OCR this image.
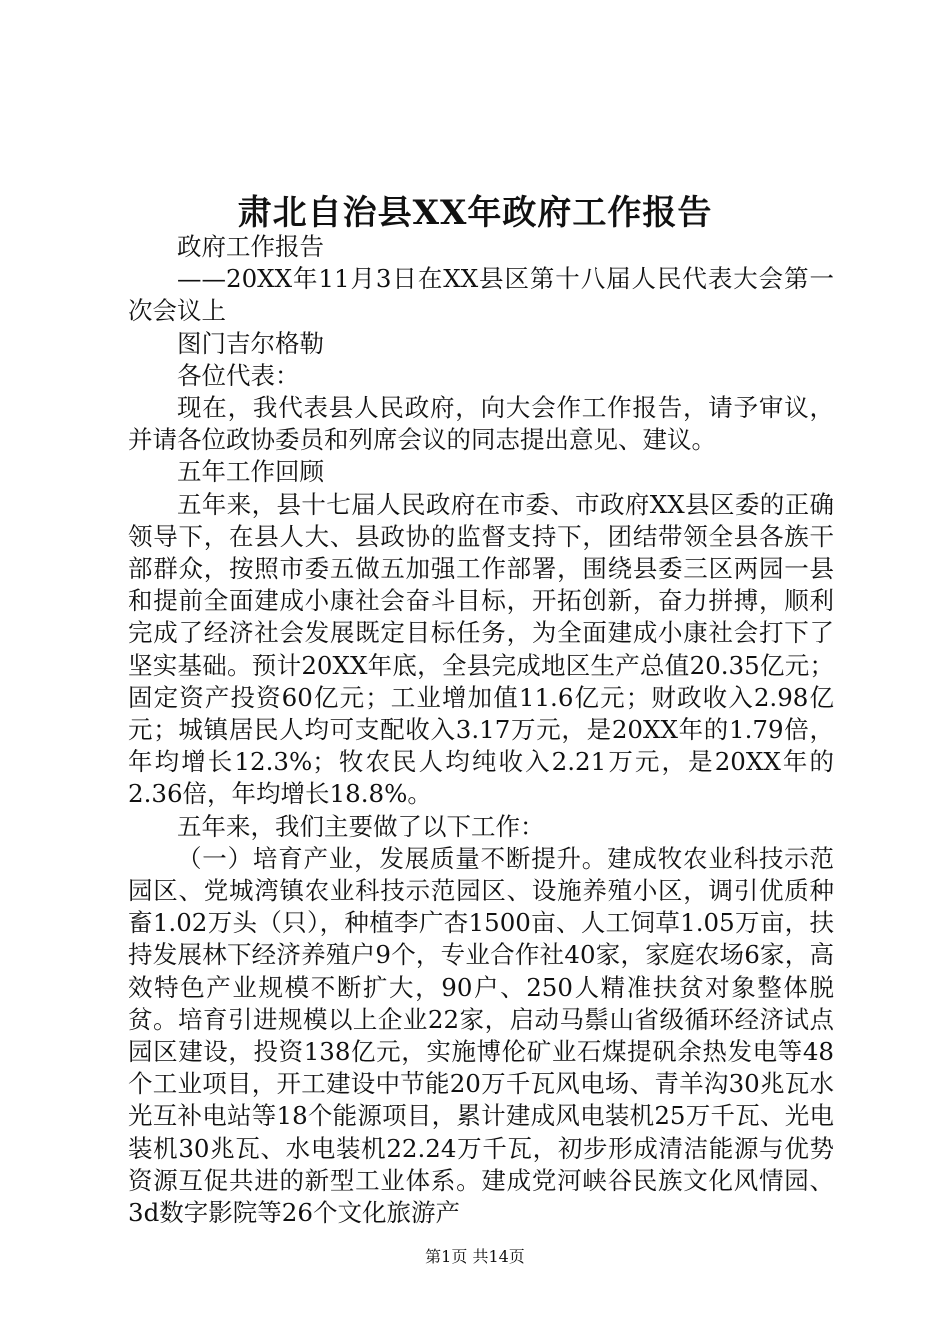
肃北自治县XX年政府工作报告

政府工作报告

——20XX年11月3日在XX县区第十八届人民代表大会第一次会议上

图门吉尔格勒

各位代表：

现在，我代表县人民政府，向大会作工作报告，请予审议，并请各位政协委员和列席会议的同志提出意见、建议。

五年工作回顾

五年来，县十七届人民政府在市委、市政府XX县区委的正确领导下，在县人大、县政协的监督支持下，团结带领全县各族干部群众，按照市委五做五加强工作部署，围绕县委三区两园一县和提前全面建成小康社会奋斗目标，开拓创新，奋力拼搏，顺利完成了经济社会发展既定目标任务，为全面建成小康社会打下了坚实基础。预计20XX年底，全县完成地区生产总值20.35亿元；固定资产投资60亿元；工业增加值11.6亿元；财政收入2.98亿元；城镇居民人均可支配收入3.17万元，是20XX年的1.79倍，年均增长12.3%；牧农民人均纯收入2.21万元，是20XX年的2.36倍，年均增长18.8%。

五年来，我们主要做了以下工作：

（一）培育产业，发展质量不断提升。建成牧农业科技示范园区、党城湾镇农业科技示范园区、设施养殖小区，调引优质种畜1.02万头（只），种植李广杏1500亩、人工饲草1.05万亩，扶持发展林下经济养殖户9个，专业合作社40家，家庭农场6家，高效特色产业规模不断扩大，90户、250人精准扶贫对象整体脱贫。培育引进规模以上企业22家，启动马鬃山省级循环经济试点园区建设，投资138亿元，实施博伦矿业石煤提矾余热发电等48个工业项目，开工建设中节能20万千瓦风电场、青羊沟30兆瓦水光互补电站等18个能源项目，累计建成风电装机25万千瓦、光电装机30兆瓦、水电装机22.24万千瓦，初步形成清洁能源与优势资源互促共进的新型工业体系。建成党河峡谷民族文化风情园、3d数字影院等26个文化旅游产

第1页 共14页
